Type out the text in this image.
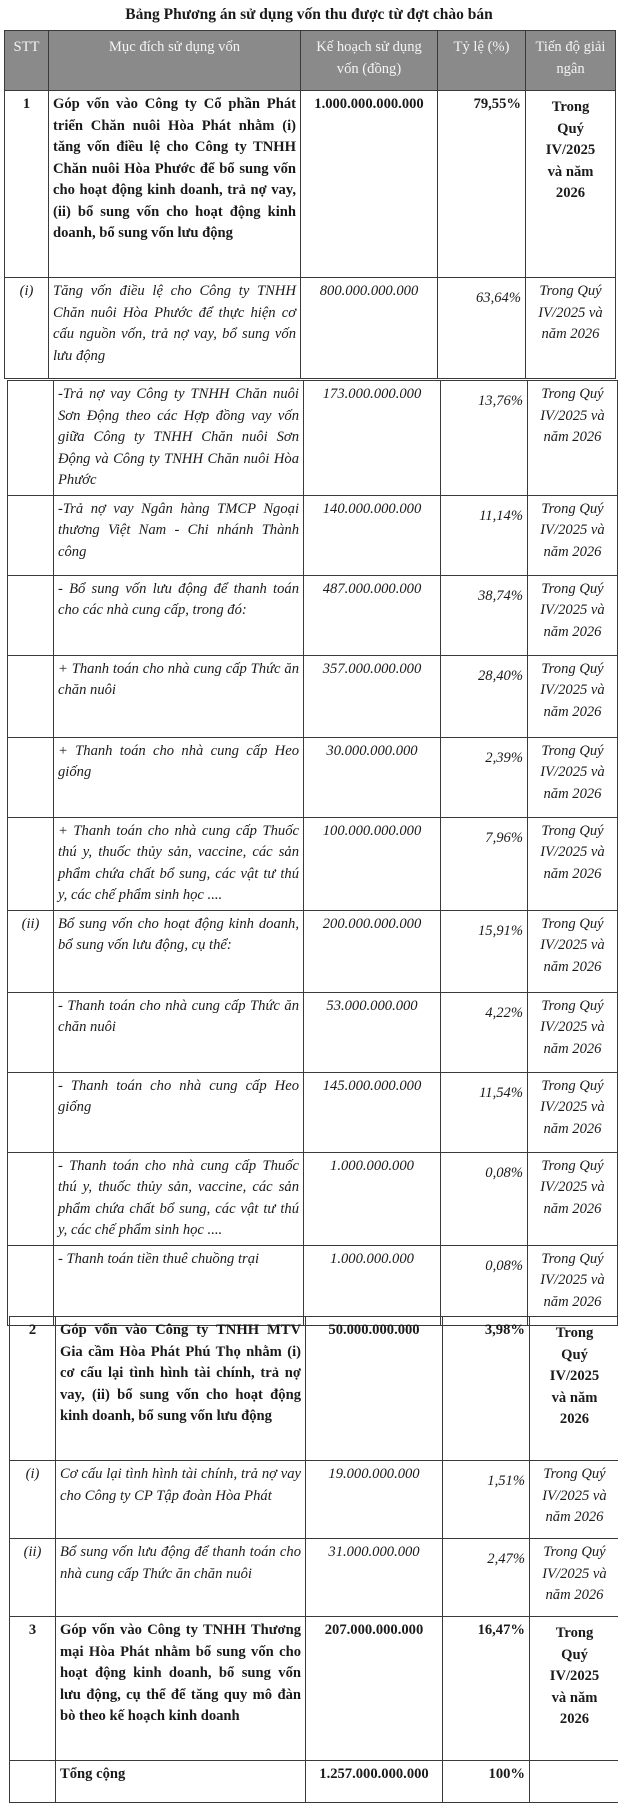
Bảng Phương án sử dụng vốn thu được từ đợt chào bán
STT	Mục đích sử dụng vốn	Kế hoạch sử dụng vốn (đồng)	Tỷ lệ (%)	Tiến độ giải ngân
1	Góp vốn vào Công ty Cổ phần Phát triển Chăn nuôi Hòa Phát nhằm (i) tăng vốn điều lệ cho Công ty TNHH Chăn nuôi Hòa Phước để bổ sung vốn cho hoạt động kinh doanh, trả nợ vay, (ii) bổ sung vốn cho hoạt động kinh doanh, bổ sung vốn lưu động	1.000.000.000.000	79,55%	Trong Quý IV/2025 và năm 2026
(i)	Tăng vốn điều lệ cho Công ty TNHH Chăn nuôi Hòa Phước để thực hiện cơ cấu nguồn vốn, trả nợ vay, bổ sung vốn lưu động	800.000.000.000	63,64%	Trong Quý IV/2025 và năm 2026
	-Trả nợ vay Công ty TNHH Chăn nuôi Sơn Động theo các Hợp đồng vay vốn giữa Công ty TNHH Chăn nuôi Sơn Động và Công ty TNHH Chăn nuôi Hòa Phước	173.000.000.000	13,76%	Trong Quý IV/2025 và năm 2026
	-Trả nợ vay Ngân hàng TMCP Ngoại thương Việt Nam - Chi nhánh Thành công	140.000.000.000	11,14%	Trong Quý IV/2025 và năm 2026
	- Bổ sung vốn lưu động để thanh toán cho các nhà cung cấp, trong đó:	487.000.000.000	38,74%	Trong Quý IV/2025 và năm 2026
	+ Thanh toán cho nhà cung cấp Thức ăn chăn nuôi	357.000.000.000	28,40%	Trong Quý IV/2025 và năm 2026
	+ Thanh toán cho nhà cung cấp Heo giống	30.000.000.000	2,39%	Trong Quý IV/2025 và năm 2026
	+ Thanh toán cho nhà cung cấp Thuốc thú y, thuốc thủy sản, vaccine, các sản phẩm chứa chất bổ sung, các vật tư thú y, các chế phẩm sinh học ....	100.000.000.000	7,96%	Trong Quý IV/2025 và năm 2026
(ii)	Bổ sung vốn cho hoạt động kinh doanh, bổ sung vốn lưu động, cụ thể:	200.000.000.000	15,91%	Trong Quý IV/2025 và năm 2026
	- Thanh toán cho nhà cung cấp Thức ăn chăn nuôi	53.000.000.000	4,22%	Trong Quý IV/2025 và năm 2026
	- Thanh toán cho nhà cung cấp Heo giống	145.000.000.000	11,54%	Trong Quý IV/2025 và năm 2026
	- Thanh toán cho nhà cung cấp Thuốc thú y, thuốc thủy sản, vaccine, các sản phẩm chứa chất bổ sung, các vật tư thú y, các chế phẩm sinh học ....	1.000.000.000	0,08%	Trong Quý IV/2025 và năm 2026
	- Thanh toán tiền thuê chuồng trại	1.000.000.000	0,08%	Trong Quý IV/2025 và năm 2026
2	Góp vốn vào Công ty TNHH MTV Gia cầm Hòa Phát Phú Thọ nhằm (i) cơ cấu lại tình hình tài chính, trả nợ vay, (ii) bổ sung vốn cho hoạt động kinh doanh, bổ sung vốn lưu động	50.000.000.000	3,98%	Trong Quý IV/2025 và năm 2026
(i)	Cơ cấu lại tình hình tài chính, trả nợ vay cho Công ty CP Tập đoàn Hòa Phát	19.000.000.000	1,51%	Trong Quý IV/2025 và năm 2026
(ii)	Bổ sung vốn lưu động để thanh toán cho nhà cung cấp Thức ăn chăn nuôi	31.000.000.000	2,47%	Trong Quý IV/2025 và năm 2026
3	Góp vốn vào Công ty TNHH Thương mại Hòa Phát nhằm bổ sung vốn cho hoạt động kinh doanh, bổ sung vốn lưu động, cụ thể để tăng quy mô đàn bò theo kế hoạch kinh doanh	207.000.000.000	16,47%	Trong Quý IV/2025 và năm 2026
	Tổng cộng	1.257.000.000.000	100%	
